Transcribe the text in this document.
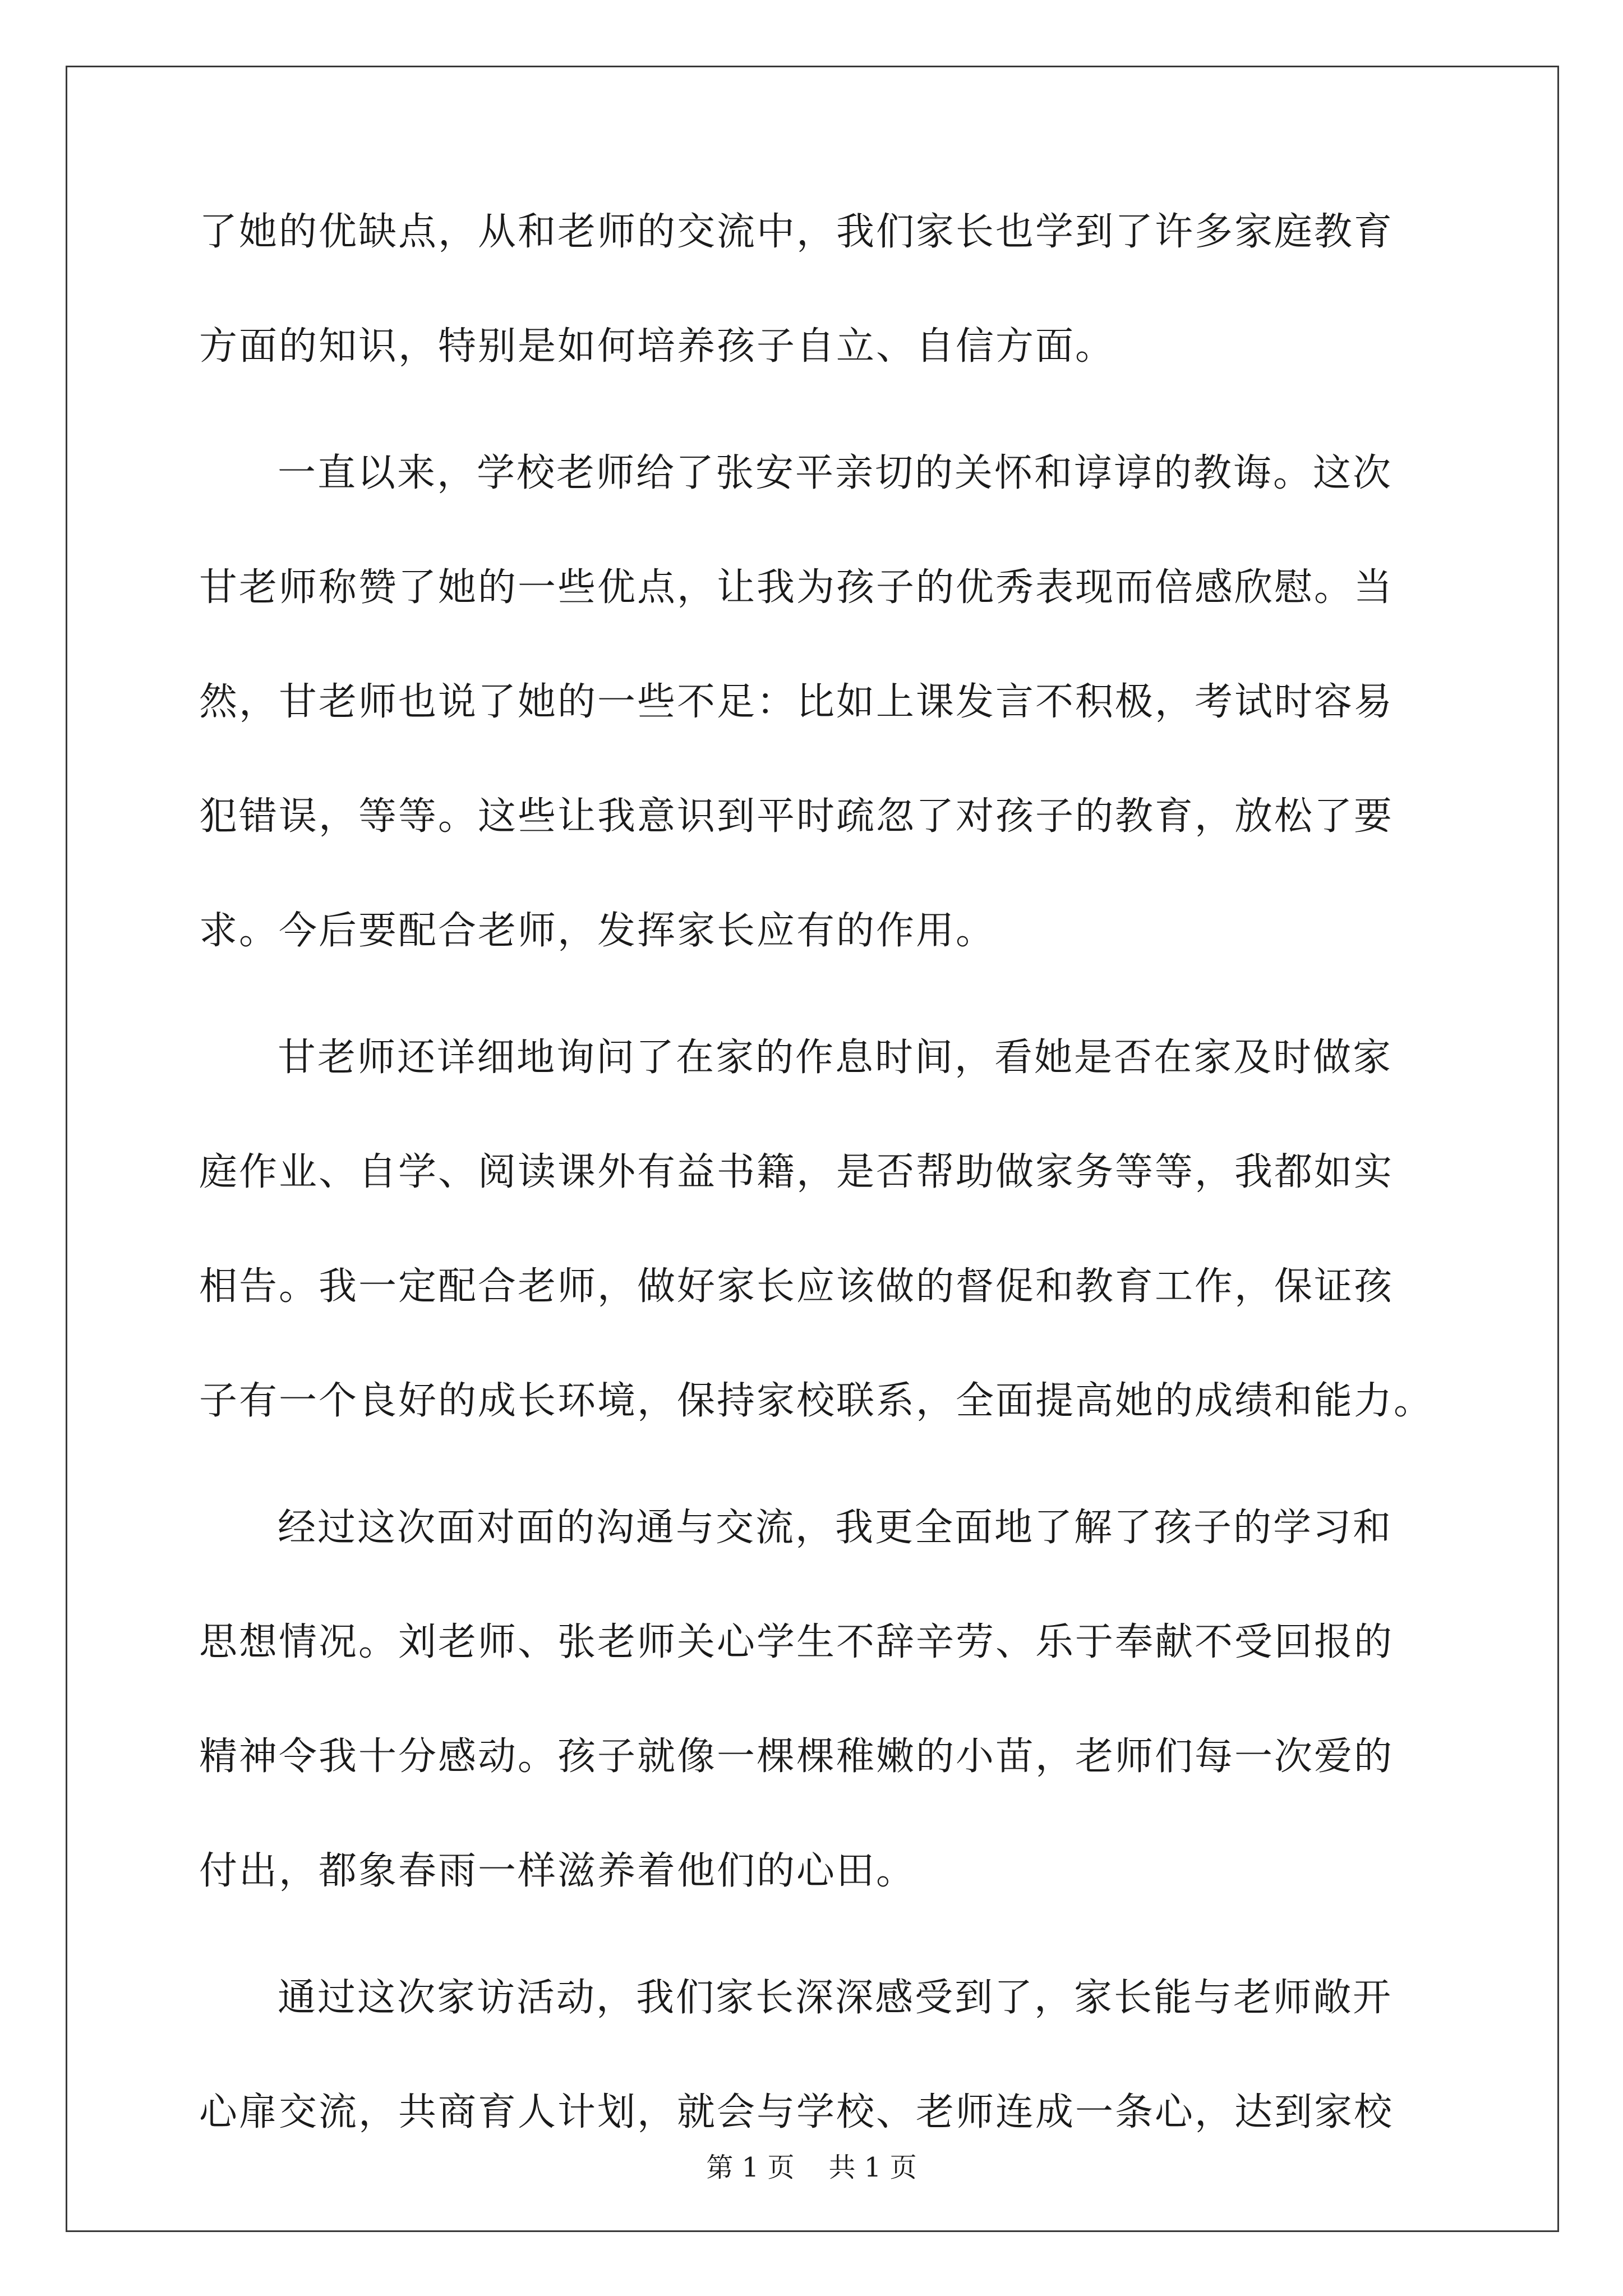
了她的优缺点，从和老师的交流中，我们家长也学到了许多家庭教育
方面的知识，特别是如何培养孩子自立、自信方面。
一直以来，学校老师给了张安平亲切的关怀和谆谆的教诲。这次
甘老师称赞了她的一些优点，让我为孩子的优秀表现而倍感欣慰。当
然，甘老师也说了她的一些不足：比如上课发言不积极，考试时容易
犯错误，等等。这些让我意识到平时疏忽了对孩子的教育，放松了要
求。今后要配合老师，发挥家长应有的作用。
甘老师还详细地询问了在家的作息时间，看她是否在家及时做家
庭作业、自学、阅读课外有益书籍，是否帮助做家务等等，我都如实
相告。我一定配合老师，做好家长应该做的督促和教育工作，保证孩
子有一个良好的成长环境，保持家校联系，全面提高她的成绩和能力。
经过这次面对面的沟通与交流，我更全面地了解了孩子的学习和
思想情况。刘老师、张老师关心学生不辞辛劳、乐于奉献不受回报的
精神令我十分感动。孩子就像一棵棵稚嫩的小苗，老师们每一次爱的
付出，都象春雨一样滋养着他们的心田。
通过这次家访活动，我们家长深深感受到了，家长能与老师敞开
心扉交流，共商育人计划，就会与学校、老师连成一条心，达到家校
第 1 页    共 1 页
